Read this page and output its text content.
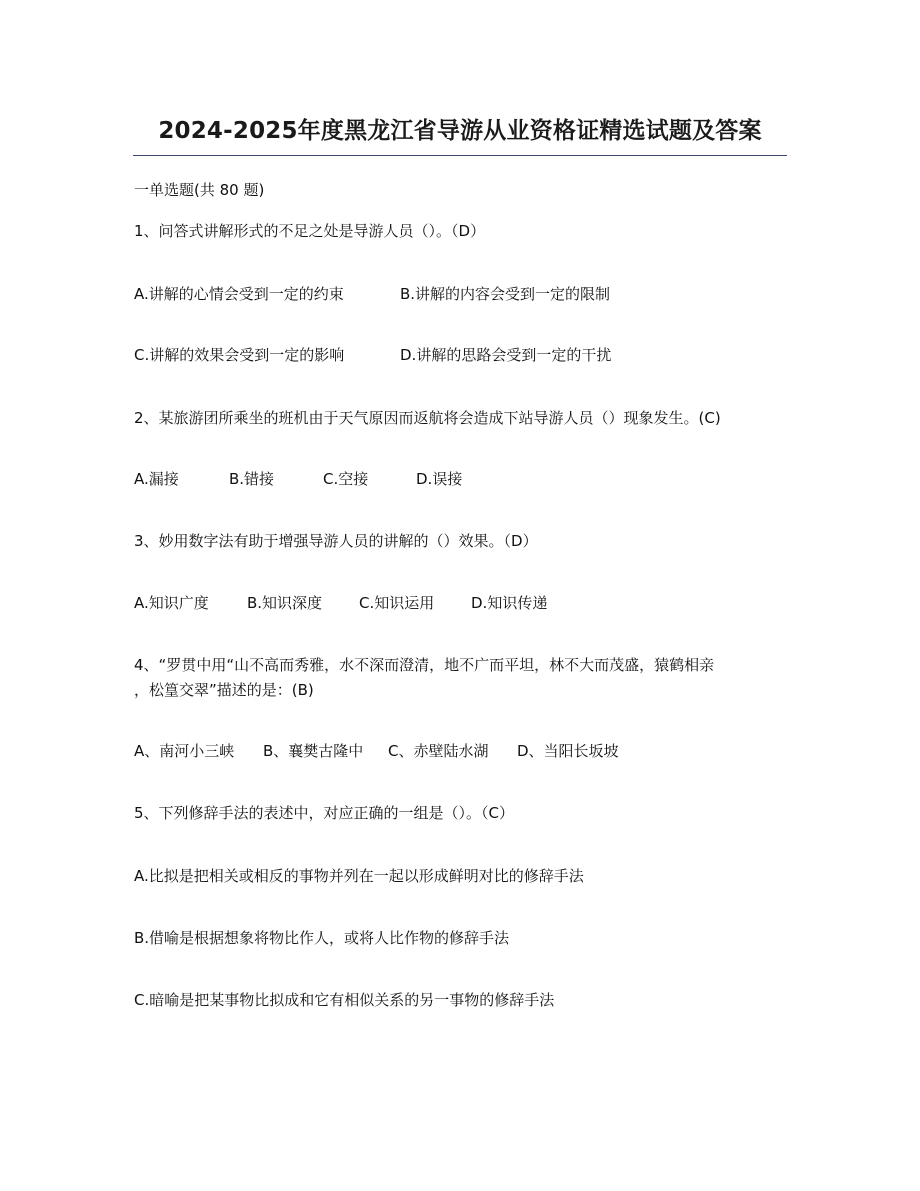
2024-2025年度黑龙江省导游从业资格证精选试题及答案
一单选题(共 80 题)
1、问答式讲解形式的不足之处是导游人员（）。（D）
A.讲解的心情会受到一定的约束	B.讲解的内容会受到一定的限制
C.讲解的效果会受到一定的影响	D.讲解的思路会受到一定的干扰
2、某旅游团所乘坐的班机由于天气原因而返航将会造成下站导游人员（）现象发生。(C)
A.漏接	B.错接	C.空接	D.误接
3、妙用数字法有助于增强导游人员的讲解的（）效果。（D）
A.知识广度	B.知识深度	C.知识运用	D.知识传递
4、“罗贯中用“山不高而秀雅，水不深而澄清，地不广而平坦，林不大而茂盛，猿鹤相亲
，松篁交翠”描述的是：(B)
A、南河小三峡	B、襄樊古隆中	C、赤壁陆水湖	D、当阳长坂坡
5、下列修辞手法的表述中，对应正确的一组是（）。（C）
A.比拟是把相关或相反的事物并列在一起以形成鲜明对比的修辞手法
B.借喻是根据想象将物比作人，或将人比作物的修辞手法
C.暗喻是把某事物比拟成和它有相似关系的另一事物的修辞手法
